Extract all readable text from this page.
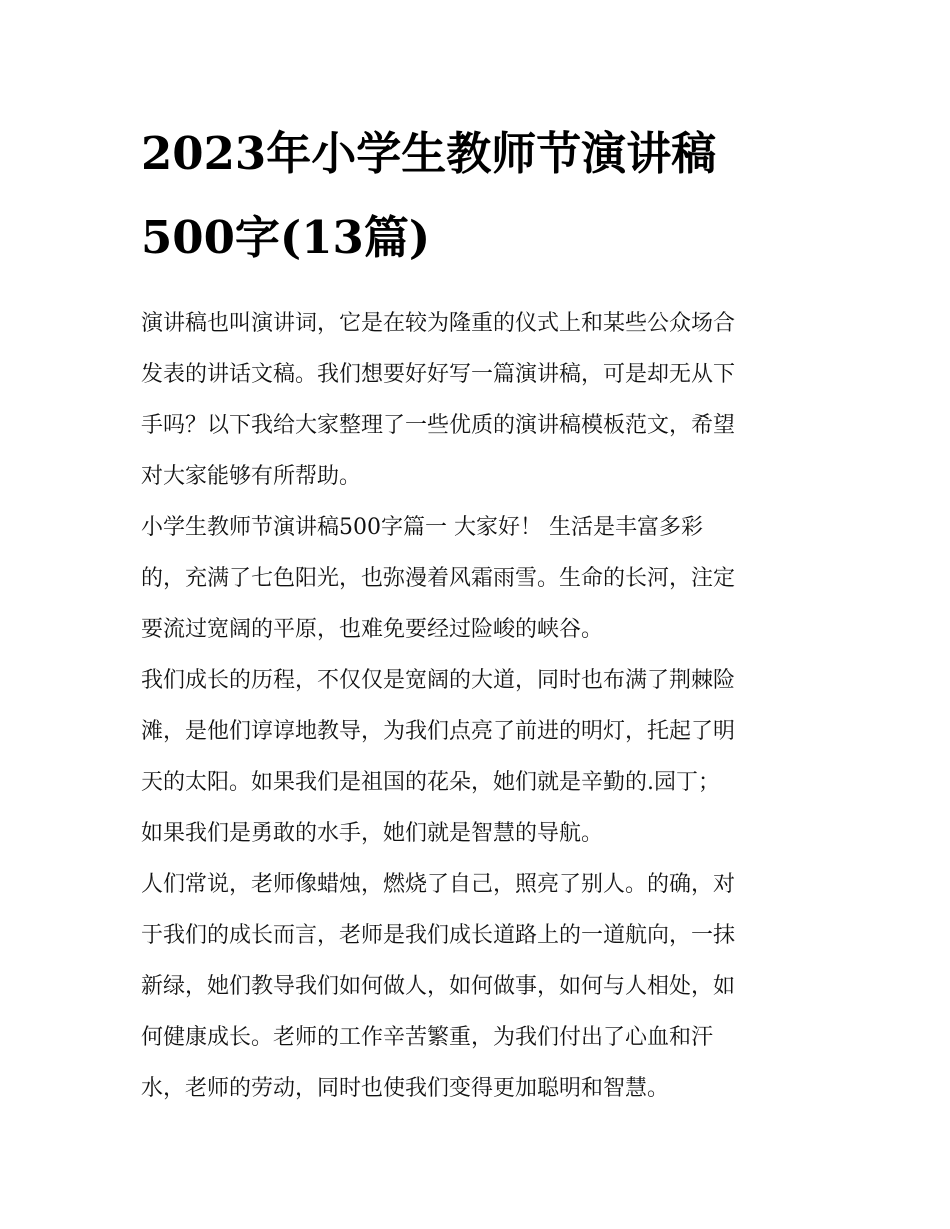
2023年小学生教师节演讲稿
500字(13篇)

演讲稿也叫演讲词，它是在较为隆重的仪式上和某些公众场合
发表的讲话文稿。我们想要好好写一篇演讲稿，可是却无从下
手吗？以下我给大家整理了一些优质的演讲稿模板范文，希望
对大家能够有所帮助。

小学生教师节演讲稿500字篇一 大家好！ 生活是丰富多彩
的，充满了七色阳光，也弥漫着风霜雨雪。生命的长河，注定
要流过宽阔的平原，也难免要经过险峻的峡谷。

我们成长的历程，不仅仅是宽阔的大道，同时也布满了荆棘险
滩，是他们谆谆地教导，为我们点亮了前进的明灯，托起了明
天的太阳。如果我们是祖国的花朵，她们就是辛勤的.园丁；
如果我们是勇敢的水手，她们就是智慧的导航。

人们常说，老师像蜡烛，燃烧了自己，照亮了别人。的确，对
于我们的成长而言，老师是我们成长道路上的一道航向，一抹
新绿，她们教导我们如何做人，如何做事，如何与人相处，如
何健康成长。老师的工作辛苦繁重，为我们付出了心血和汗
水，老师的劳动，同时也使我们变得更加聪明和智慧。
